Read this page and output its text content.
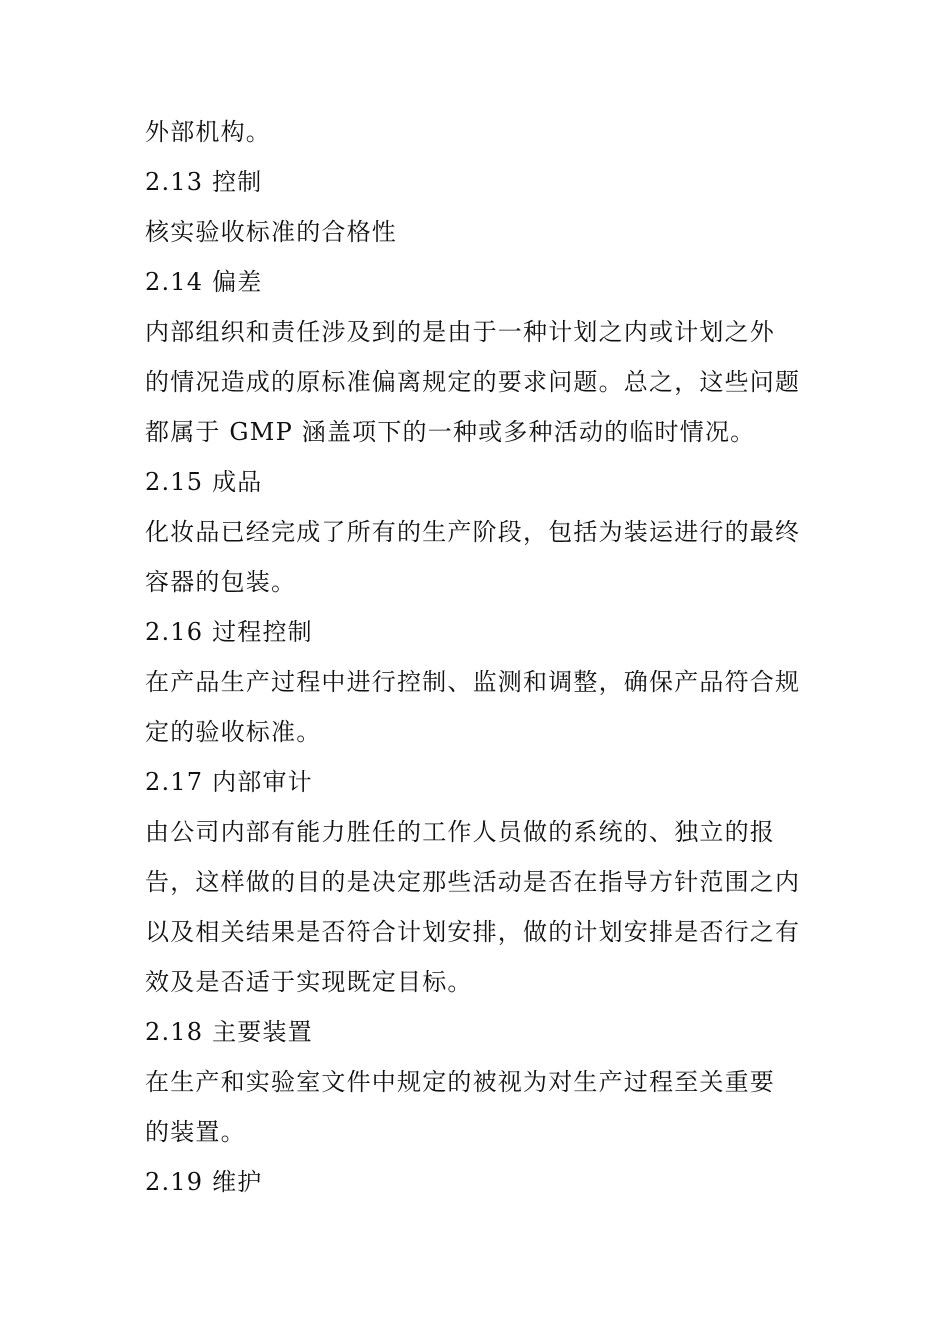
外部机构。
2.13 控制
核实验收标准的合格性
2.14 偏差
内部组织和责任涉及到的是由于一种计划之内或计划之外
的情况造成的原标准偏离规定的要求问题。总之，这些问题
都属于 GMP 涵盖项下的一种或多种活动的临时情况。
2.15 成品
化妆品已经完成了所有的生产阶段，包括为装运进行的最终
容器的包装。
2.16 过程控制
在产品生产过程中进行控制、监测和调整，确保产品符合规
定的验收标准。
2.17 内部审计
由公司内部有能力胜任的工作人员做的系统的、独立的报
告，这样做的目的是决定那些活动是否在指导方针范围之内
以及相关结果是否符合计划安排，做的计划安排是否行之有
效及是否适于实现既定目标。
2.18 主要装置
在生产和实验室文件中规定的被视为对生产过程至关重要
的装置。
2.19 维护
